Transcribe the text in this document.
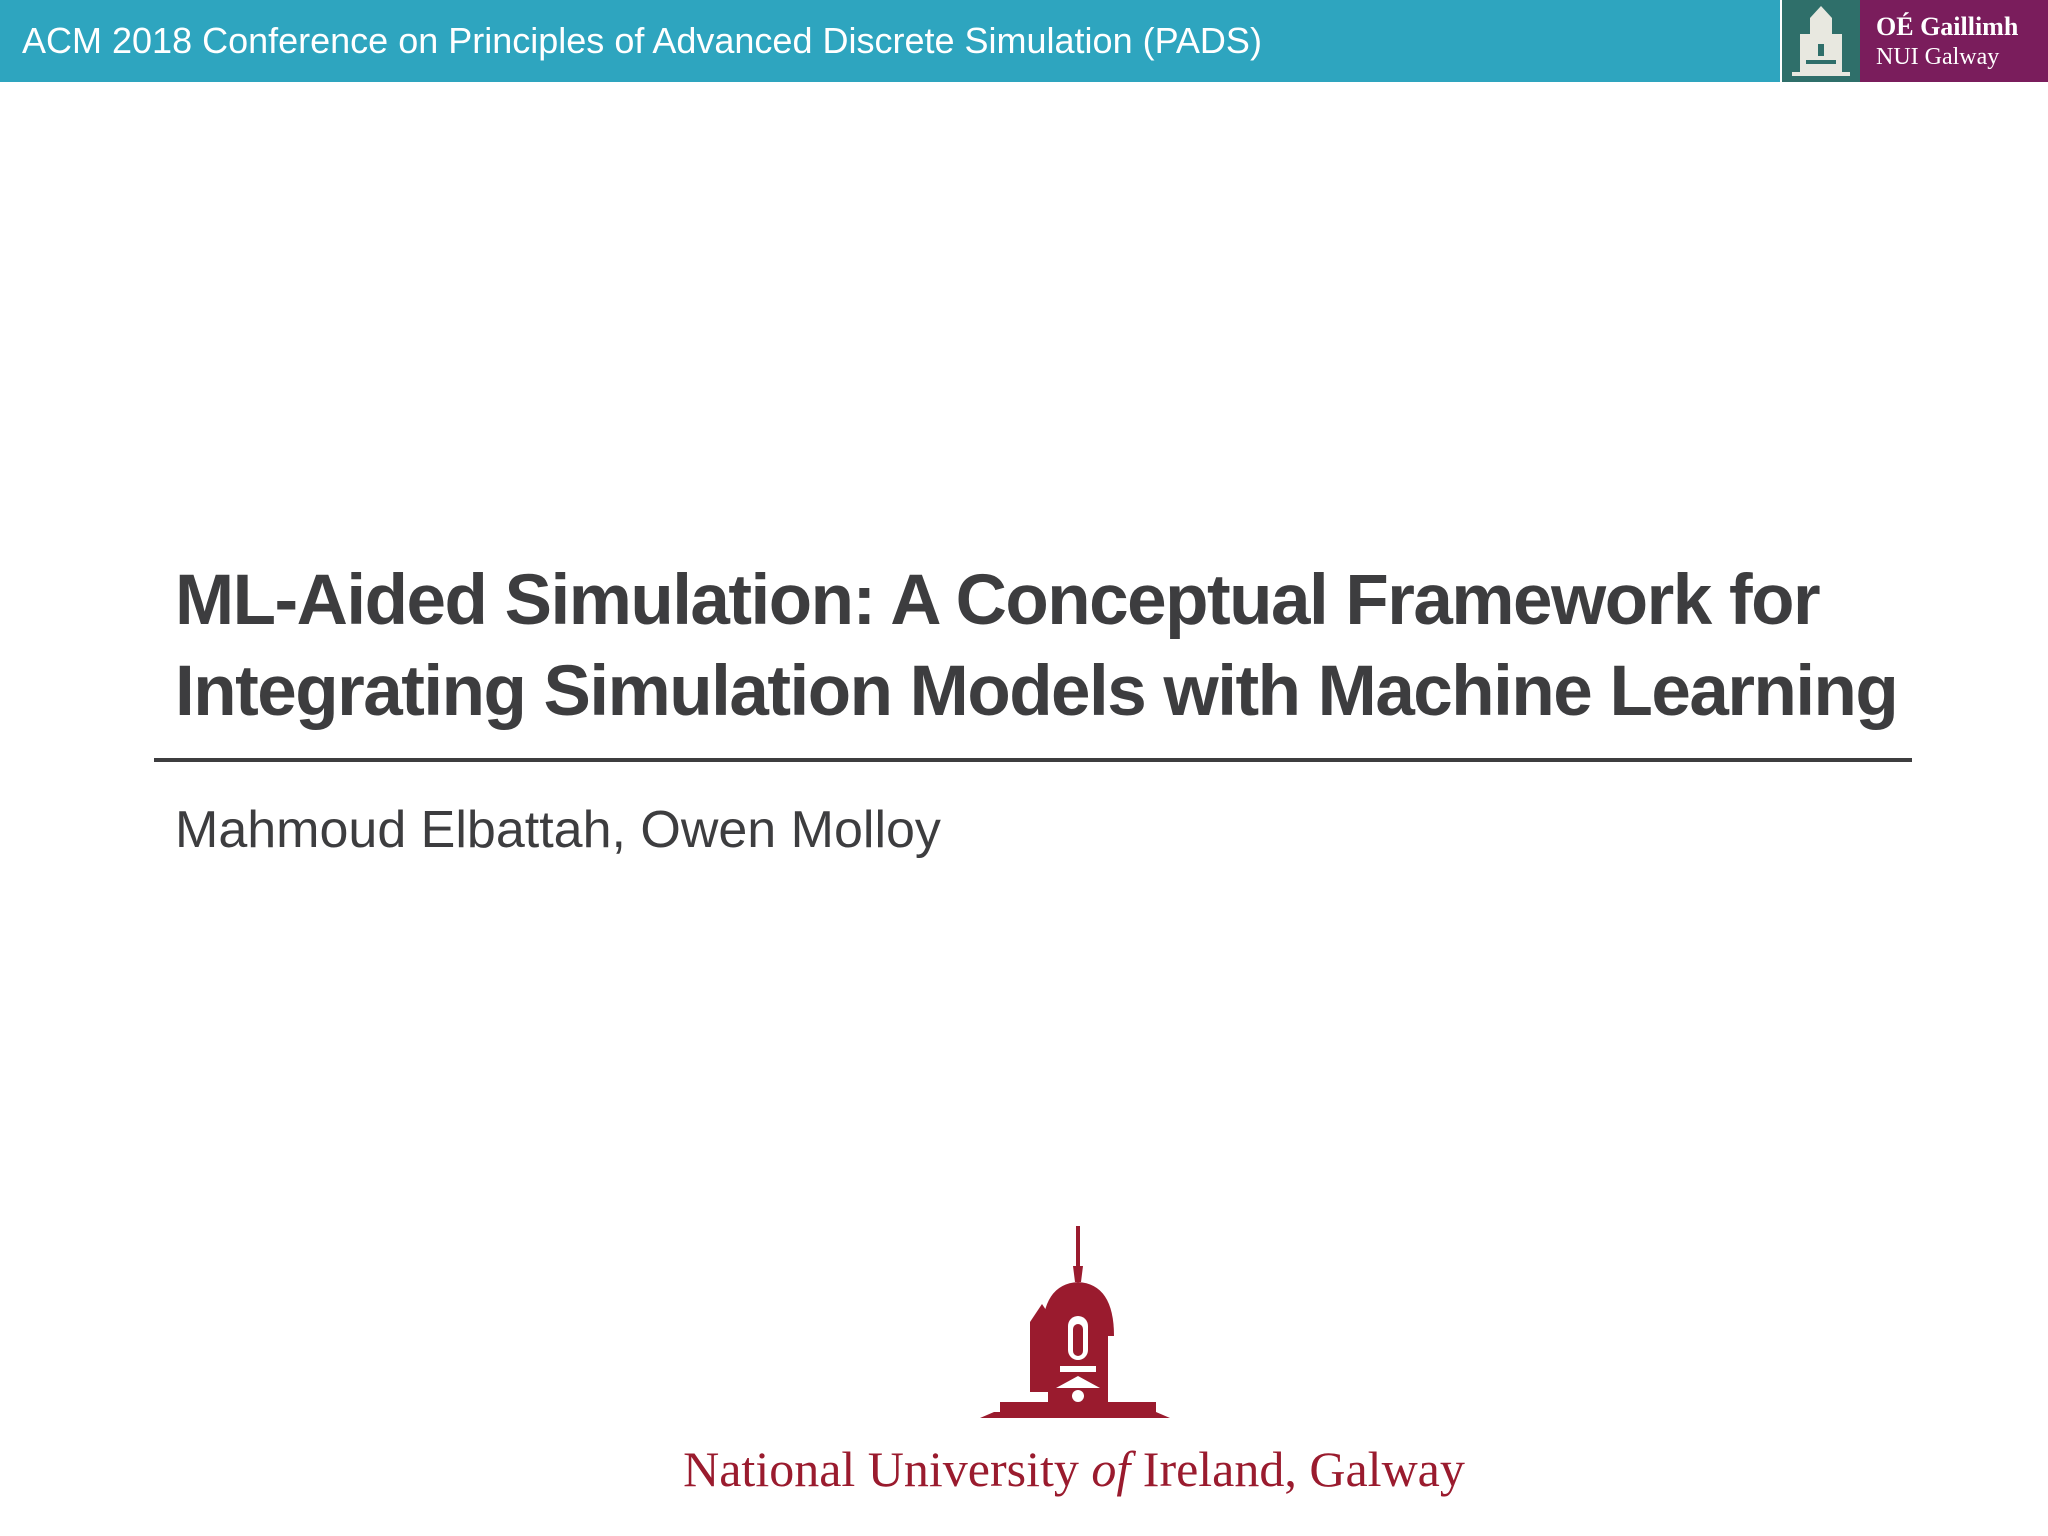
ACM 2018 Conference on Principles of Advanced Discrete Simulation (PADS)	OÉ Gaillimh
NUI Galway
ML-Aided Simulation: A Conceptual Framework for
Integrating Simulation Models with Machine Learning
Mahmoud Elbattah, Owen Molloy
National University of Ireland, Galway
